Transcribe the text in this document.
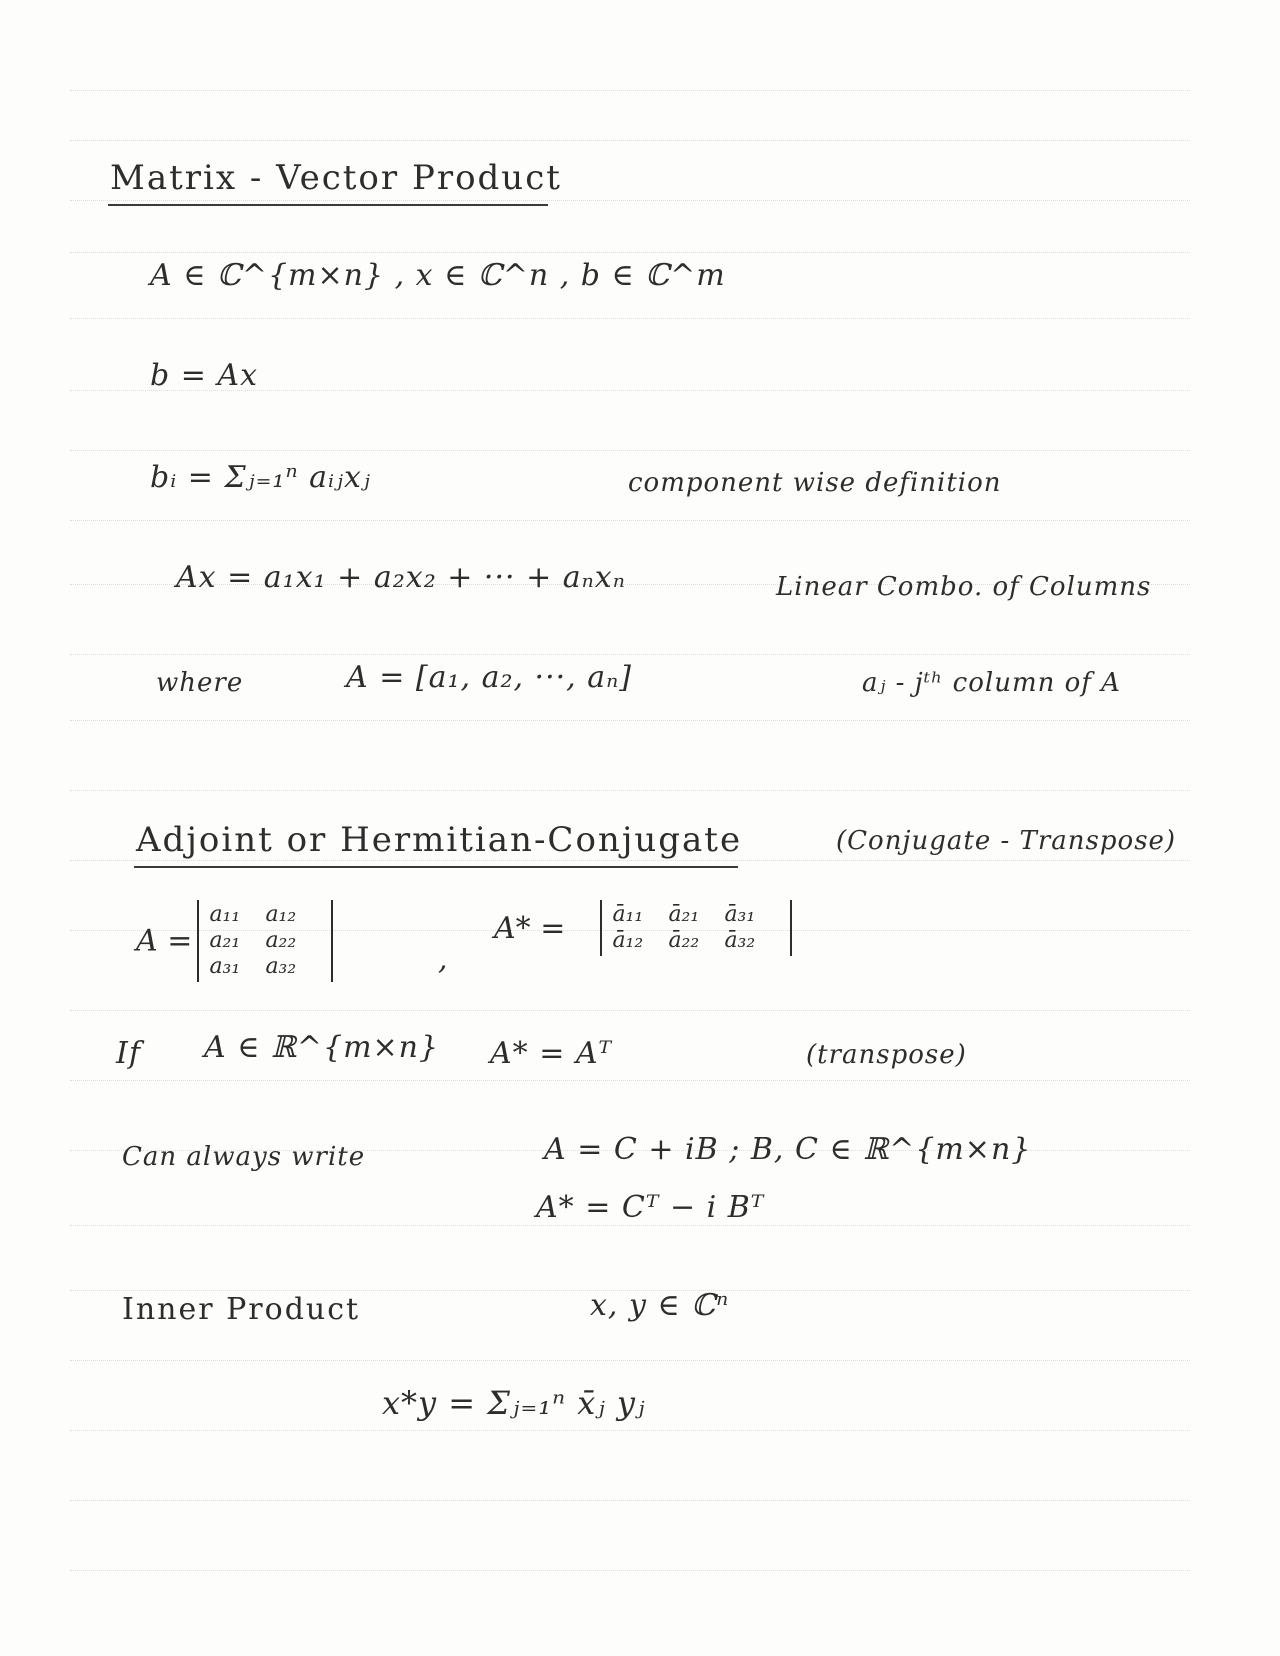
Matrix - Vector Product
A ∈ ℂ^{m×n} , x ∈ ℂ^n , b ∈ ℂ^m
b = Ax
bᵢ = Σⱼ₌₁ⁿ aᵢⱼxⱼ	component wise definition
Ax = a₁x₁ + a₂x₂ + ··· + aₙxₙ	Linear Combo. of Columns
where	A = [a₁, a₂, ···, aₙ]	aⱼ - jᵗʰ column of A
Adjoint or Hermitian-Conjugate	(Conjugate - Transpose)
A =
a₁₁ a₁₂
a₂₁ a₂₂
a₃₁ a₃₂	,
A* = ā₁₁ ā₂₁ ā₃₁
ā₁₂ ā₂₂ ā₃₂
If A ∈ ℝ^{m×n} A* = Aᵀ	(transpose)
Can always write	A = C + iB ; B, C ∈ ℝ^{m×n}
A* = Cᵀ − i Bᵀ
Inner Product	x, y ∈ ℂⁿ
x*y = Σⱼ₌₁ⁿ x̄ⱼ yⱼ
